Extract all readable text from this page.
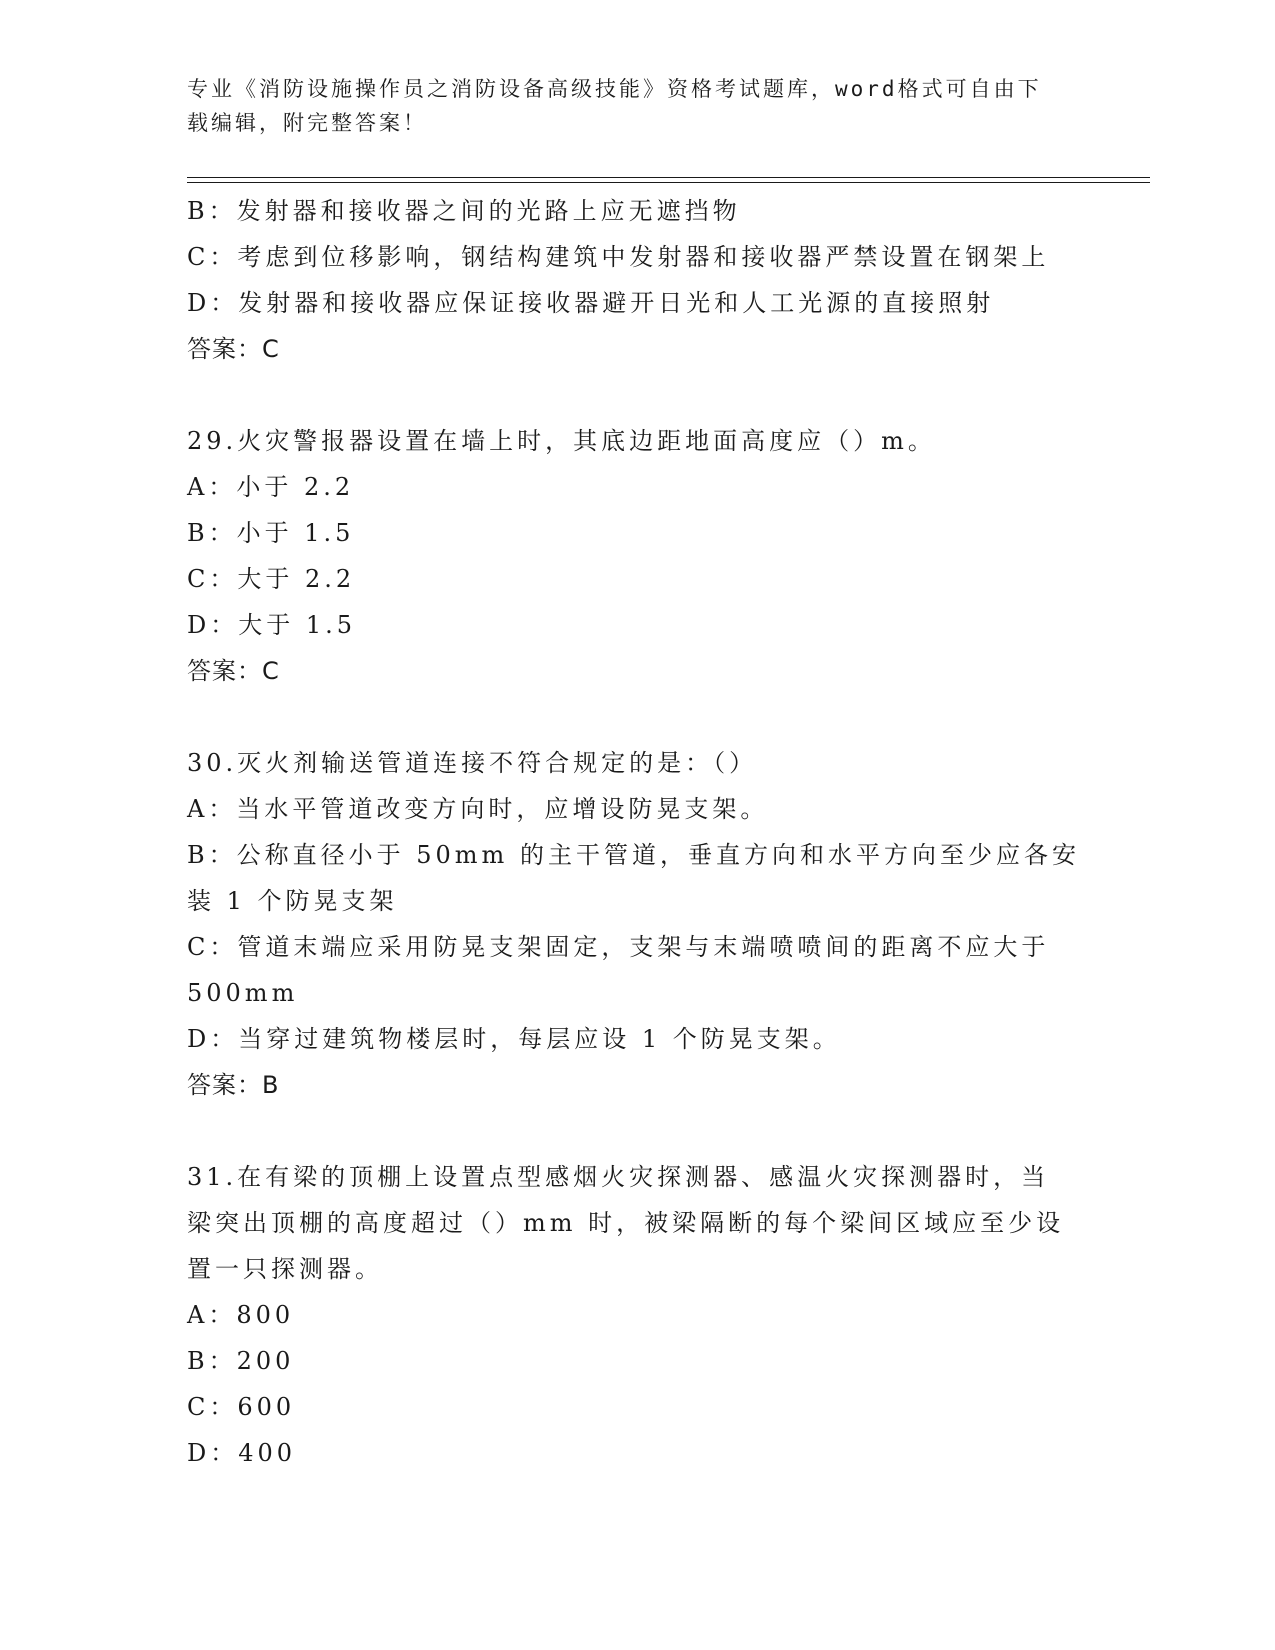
专业《消防设施操作员之消防设备高级技能》资格考试题库，word格式可自由下
载编辑，附完整答案！
B：发射器和接收器之间的光路上应无遮挡物
C：考虑到位移影响，钢结构建筑中发射器和接收器严禁设置在钢架上
D：发射器和接收器应保证接收器避开日光和人工光源的直接照射
答案：C
29.火灾警报器设置在墙上时，其底边距地面高度应（）m。
A：小于 2.2
B：小于 1.5
C：大于 2.2
D：大于 1.5
答案：C
30.灭火剂输送管道连接不符合规定的是：（）
A：当水平管道改变方向时，应增设防晃支架。
B：公称直径小于 50mm 的主干管道，垂直方向和水平方向至少应各安
装 1 个防晃支架
C：管道末端应采用防晃支架固定，支架与末端喷喷间的距离不应大于
500mm
D：当穿过建筑物楼层时，每层应设 1 个防晃支架。
答案：B
31.在有梁的顶棚上设置点型感烟火灾探测器、感温火灾探测器时，当
梁突出顶棚的高度超过（）mm 时，被梁隔断的每个梁间区域应至少设
置一只探测器。
A：800
B：200
C：600
D：400
